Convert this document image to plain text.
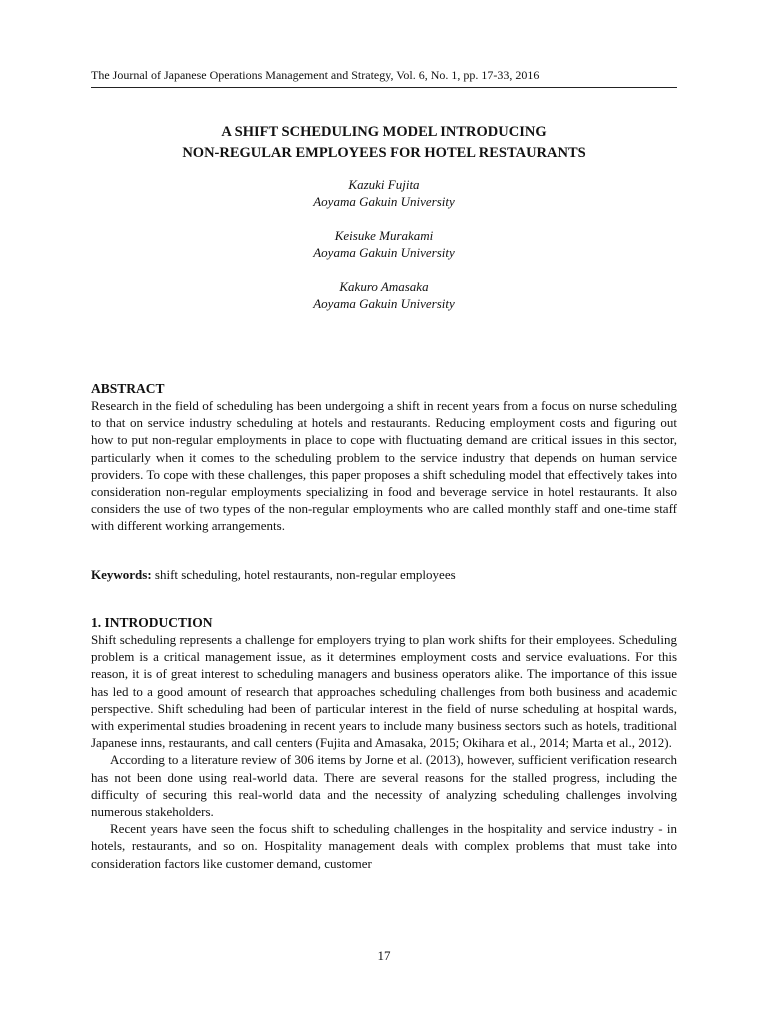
The Journal of Japanese Operations Management and Strategy, Vol. 6, No. 1, pp. 17-33, 2016
A SHIFT SCHEDULING MODEL INTRODUCING
NON-REGULAR EMPLOYEES FOR HOTEL RESTAURANTS
Kazuki Fujita
Aoyama Gakuin University
Keisuke Murakami
Aoyama Gakuin University
Kakuro Amasaka
Aoyama Gakuin University
ABSTRACT

Research in the field of scheduling has been undergoing a shift in recent years from a focus on nurse scheduling to that on service industry scheduling at hotels and restaurants. Reducing employment costs and figuring out how to put non-regular employments in place to cope with fluctuating demand are critical issues in this sector, particularly when it comes to the scheduling problem to the service industry that depends on human service providers. To cope with these challenges, this paper proposes a shift scheduling model that effectively takes into consideration non-regular employments specializing in food and beverage service in hotel restaurants. It also considers the use of two types of the non-regular employments who are called monthly staff and one-time staff with different working arrangements.

Keywords: shift scheduling, hotel restaurants, non-regular employees
1. INTRODUCTION

Shift scheduling represents a challenge for employers trying to plan work shifts for their employees. Scheduling problem is a critical management issue, as it determines employment costs and service evaluations. For this reason, it is of great interest to scheduling managers and business operators alike. The importance of this issue has led to a good amount of research that approaches scheduling challenges from both business and academic perspective. Shift scheduling had been of particular interest in the field of nurse scheduling at hospital wards, with experimental studies broadening in recent years to include many business sectors such as hotels, traditional Japanese inns, restaurants, and call centers (Fujita and Amasaka, 2015; Okihara et al., 2014; Marta et al., 2012).

According to a literature review of 306 items by Jorne et al. (2013), however, sufficient verification research has not been done using real-world data. There are several reasons for the stalled progress, including the difficulty of securing this real-world data and the necessity of analyzing scheduling challenges involving numerous stakeholders.

Recent years have seen the focus shift to scheduling challenges in the hospitality and service industry - in hotels, restaurants, and so on. Hospitality management deals with complex problems that must take into consideration factors like customer demand, customer

17
